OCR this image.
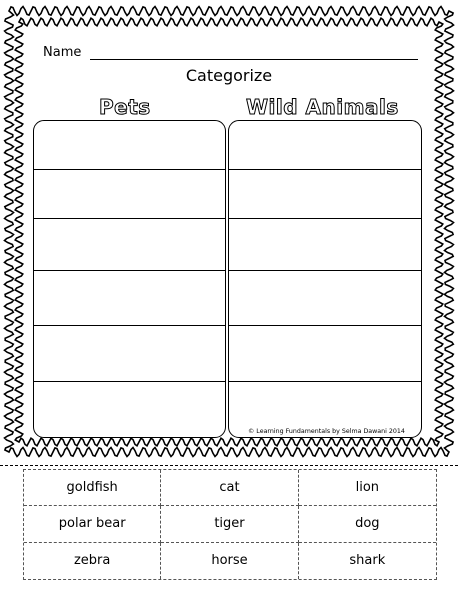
Name
Categorize
Pets	Wild Animals
© Learning Fundamentals by Selma Dawani 2014
goldfish	cat	lion
polar bear	tiger	dog
zebra	horse	shark
